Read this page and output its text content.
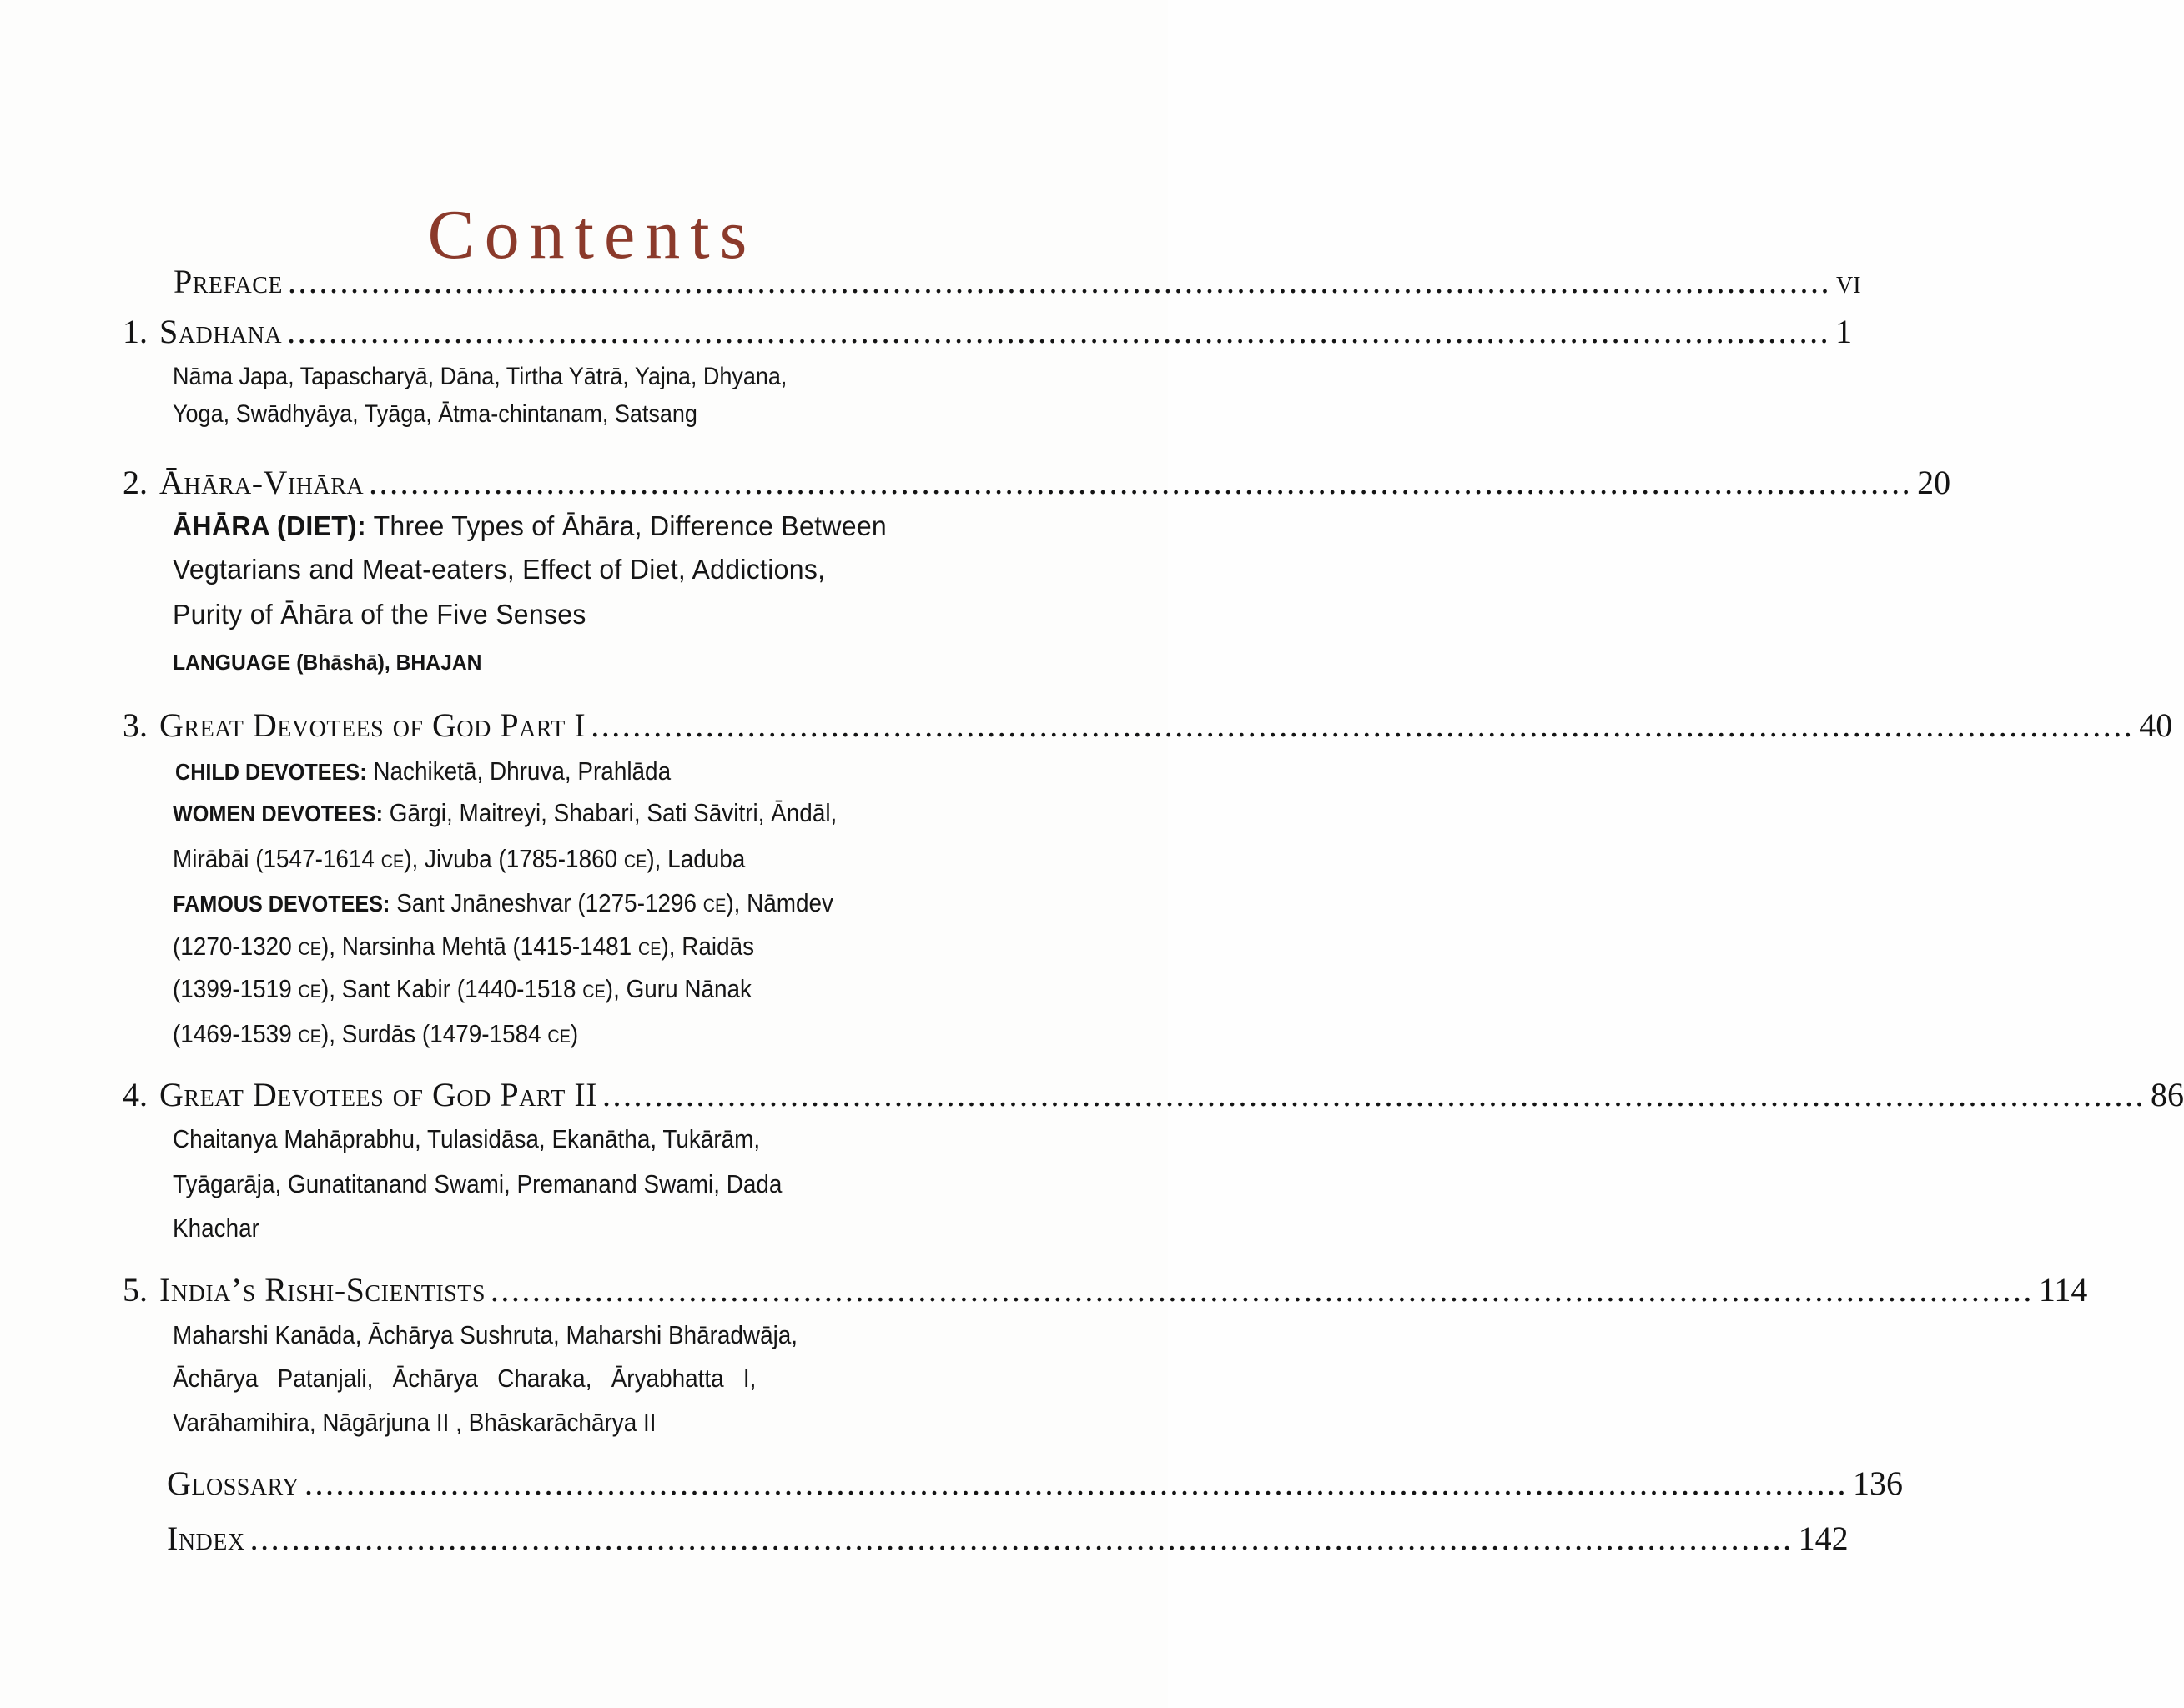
Contents
Preface .................................................................................................................................................... vi
1. Sadhana .................................................................................................................................................... 1
Nāma Japa, Tapascharyā, Dāna, Tirtha Yātrā, Yajna, Dhyana,
Yoga, Swādhyāya, Tyāga, Ātma-chintanam, Satsang
2. Āhāra-Vihāra .................................................................................................................................................... 20
ĀHĀRA (DIET): Three Types of Āhāra, Difference Between
Vegtarians and Meat-eaters, Effect of Diet, Addictions,
Purity of Āhāra of the Five Senses
LANGUAGE (Bhāshā), BHAJAN
3. Great Devotees of God Part I .................................................................................................................................................... 40
CHILD DEVOTEES: Nachiketā, Dhruva, Prahlāda
WOMEN DEVOTEES: Gārgi, Maitreyi, Shabari, Sati Sāvitri, Āndāl,
Mirābāi (1547-1614 ce), Jivuba (1785-1860 ce), Laduba
FAMOUS DEVOTEES: Sant Jnāneshvar (1275-1296 ce), Nāmdev
(1270-1320 ce), Narsinha Mehtā (1415-1481 ce), Raidās
(1399-1519 ce), Sant Kabir (1440-1518 ce), Guru Nānak
(1469-1539 ce), Surdās (1479-1584 ce)
4. Great Devotees of God Part II .................................................................................................................................................... 86
Chaitanya Mahāprabhu, Tulasidāsa, Ekanātha, Tukārām,
Tyāgarāja, Gunatitanand Swami, Premanand Swami, Dada
Khachar
5. India’s Rishi-Scientists .................................................................................................................................................... 114
Maharshi Kanāda, Āchārya Sushruta, Maharshi Bhāradwāja,
Āchārya   Patanjali,   Āchārya   Charaka,   Āryabhatta   I,
Varāhamihira, Nāgārjuna II , Bhāskarāchārya II
Glossary .................................................................................................................................................... 136
Index .................................................................................................................................................... 142
